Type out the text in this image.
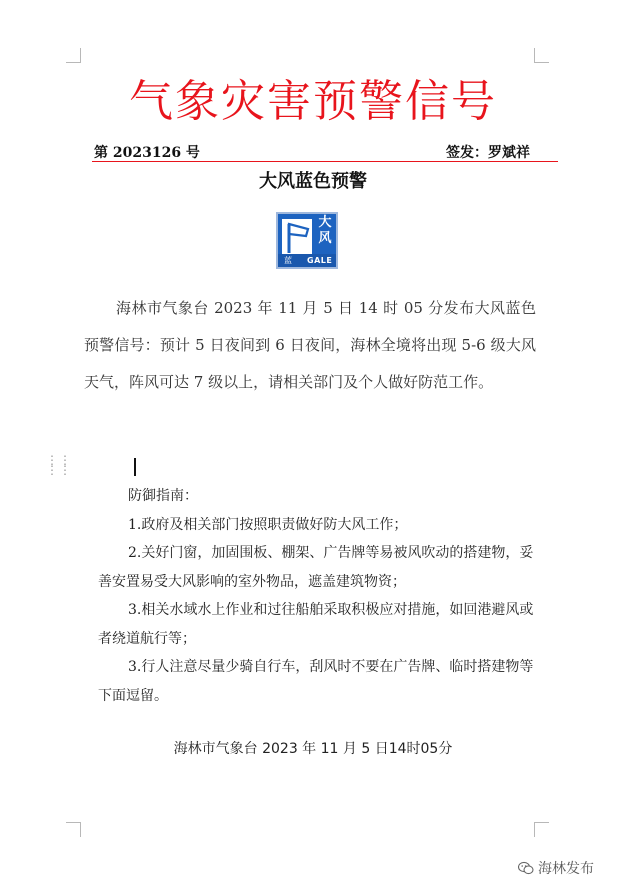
气象灾害预警信号
第 2023126 号	签发：罗斌祥
大风蓝色预警
大
风
蓝 GALE

海林市气象台 2023 年 11 月 5 日 14 时 05 分发布大风蓝色预警信号：预计 5 日夜间到 6 日夜间，海林全境将出现 5-6 级大风天气，阵风可达 7 级以上，请相关部门及个人做好防范工作。

⋮⋮
⋮⋮

防御指南：

1.政府及相关部门按照职责做好防大风工作；

2.关好门窗，加固围板、棚架、广告牌等易被风吹动的搭建物，妥善安置易受大风影响的室外物品，遮盖建筑物资；

3.相关水域水上作业和过往船舶采取积极应对措施，如回港避风或者绕道航行等；

3.行人注意尽量少骑自行车，刮风时不要在广告牌、临时搭建物等下面逗留。

海林市气象台 2023 年 11 月 5 日14时05分
海林发布
